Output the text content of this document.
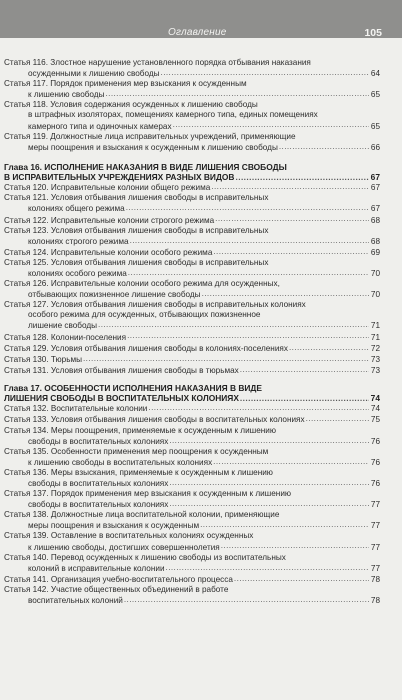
Оглавление	105
Статья 116. Злостное нарушение установленного порядка отбывания наказания
осужденными к лишению свободы .....	64
Статья 117. Порядок применения мер взыскания к осужденным
к лишению свободы .....	65
Статья 118. Условия содержания осужденных к лишению свободы
в штрафных изоляторах, помещениях камерного типа, единых помещениях
камерного типа и одиночных камерах .....	65
Статья 119. Должностные лица исправительных учреждений, применяющие
меры поощрения и взыскания к осужденным к лишению свободы .....	66
Глава 16. ИСПОЛНЕНИЕ НАКАЗАНИЯ В ВИДЕ ЛИШЕНИЯ СВОБОДЫ
В ИСПРАВИТЕЛЬНЫХ УЧРЕЖДЕНИЯХ РАЗНЫХ ВИДОВ .....	67
Статья 120. Исправительные колонии общего режима .....	67
Статья 121. Условия отбывания лишения свободы в исправительных
колониях общего режима .....	67
Статья 122. Исправительные колонии строгого режима .....	68
Статья 123. Условия отбывания лишения свободы в исправительных
колониях строгого режима .....	68
Статья 124. Исправительные колонии особого режима .....	69
Статья 125. Условия отбывания лишения свободы в исправительных
колониях особого режима .....	70
Статья 126. Исправительные колонии особого режима для осужденных,
отбывающих пожизненное лишение свободы .....	70
Статья 127. Условия отбывания лишения свободы в исправительных колониях
особого режима для осужденных, отбывающих пожизненное
лишение свободы .....	71
Статья 128. Колонии-поселения .....	71
Статья 129. Условия отбывания лишения свободы в колониях-поселениях .....	72
Статья 130. Тюрьмы .....	73
Статья 131. Условия отбывания лишения свободы в тюрьмах .....	73
Глава 17. ОСОБЕННОСТИ ИСПОЛНЕНИЯ НАКАЗАНИЯ В ВИДЕ
ЛИШЕНИЯ СВОБОДЫ В ВОСПИТАТЕЛЬНЫХ КОЛОНИЯХ .....	74
Статья 132. Воспитательные колонии .....	74
Статья 133. Условия отбывания лишения свободы в воспитательных колониях .....	75
Статья 134. Меры поощрения, применяемые к осужденным к лишению
свободы в воспитательных колониях .....	76
Статья 135. Особенности применения мер поощрения к осужденным
к лишению свободы в воспитательных колониях .....	76
Статья 136. Меры взыскания, применяемые к осужденным к лишению
свободы в воспитательных колониях .....	76
Статья 137. Порядок применения мер взыскания к осужденным к лишению
свободы в воспитательных колониях .....	77
Статья 138. Должностные лица воспитательной колонии, применяющие
меры поощрения и взыскания к осужденным .....	77
Статья 139. Оставление в воспитательных колониях осужденных
к лишению свободы, достигших совершеннолетия .....	77
Статья 140. Перевод осужденных к лишению свободы из воспитательных
колоний в исправительные колонии .....	77
Статья 141. Организация учебно-воспитательного процесса .....	78
Статья 142. Участие общественных объединений в работе
воспитательных колоний .....	78
